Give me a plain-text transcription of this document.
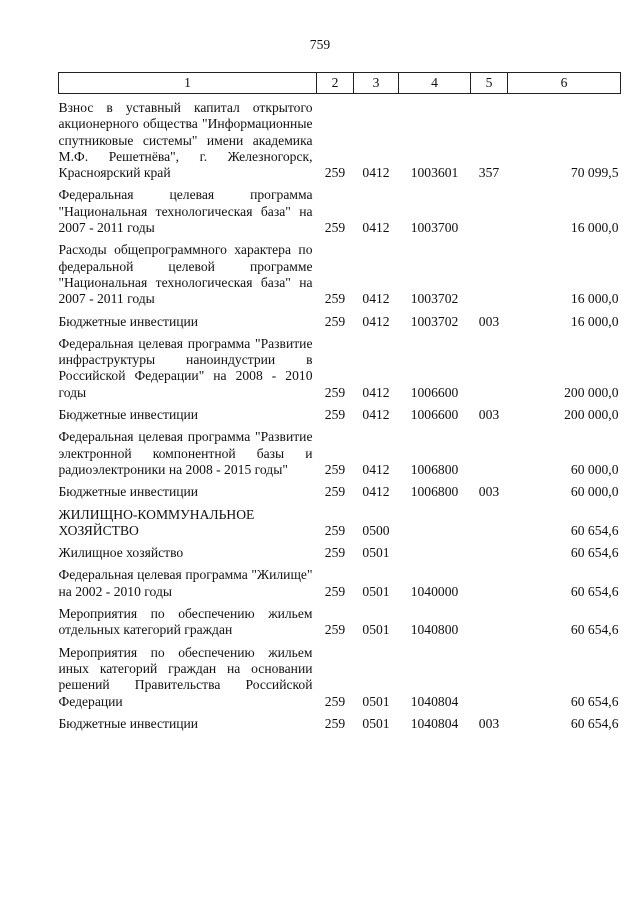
759
1	2	3	4	5	6
Взнос в уставный капитал открытого акционерного общества "Информационные спутниковые системы" имени академика М.Ф. Решетнёва", г. Железногорск, Красноярский край	259	0412	1003601	357	70 099,5
Федеральная целевая программа "Национальная технологическая база" на 2007 - 2011 годы	259	0412	1003700		16 000,0
Расходы общепрограммного характера по федеральной целевой программе "Национальная технологическая база" на 2007 - 2011 годы	259	0412	1003702		16 000,0
Бюджетные инвестиции	259	0412	1003702	003	16 000,0
Федеральная целевая программа "Развитие инфраструктуры наноиндустрии в Российской Федерации" на 2008 - 2010 годы	259	0412	1006600		200 000,0
Бюджетные инвестиции	259	0412	1006600	003	200 000,0
Федеральная целевая программа "Развитие электронной компонентной базы и радиоэлектроники на 2008 - 2015 годы"	259	0412	1006800		60 000,0
Бюджетные инвестиции	259	0412	1006800	003	60 000,0
ЖИЛИЩНО-КОММУНАЛЬНОЕ ХОЗЯЙСТВО	259	0500			60 654,6
Жилищное хозяйство	259	0501			60 654,6
Федеральная целевая программа "Жилище" на 2002 - 2010 годы	259	0501	1040000		60 654,6
Мероприятия по обеспечению жильем отдельных категорий граждан	259	0501	1040800		60 654,6
Мероприятия по обеспечению жильем иных категорий граждан на основании решений Правительства Российской Федерации	259	0501	1040804		60 654,6
Бюджетные инвестиции	259	0501	1040804	003	60 654,6
